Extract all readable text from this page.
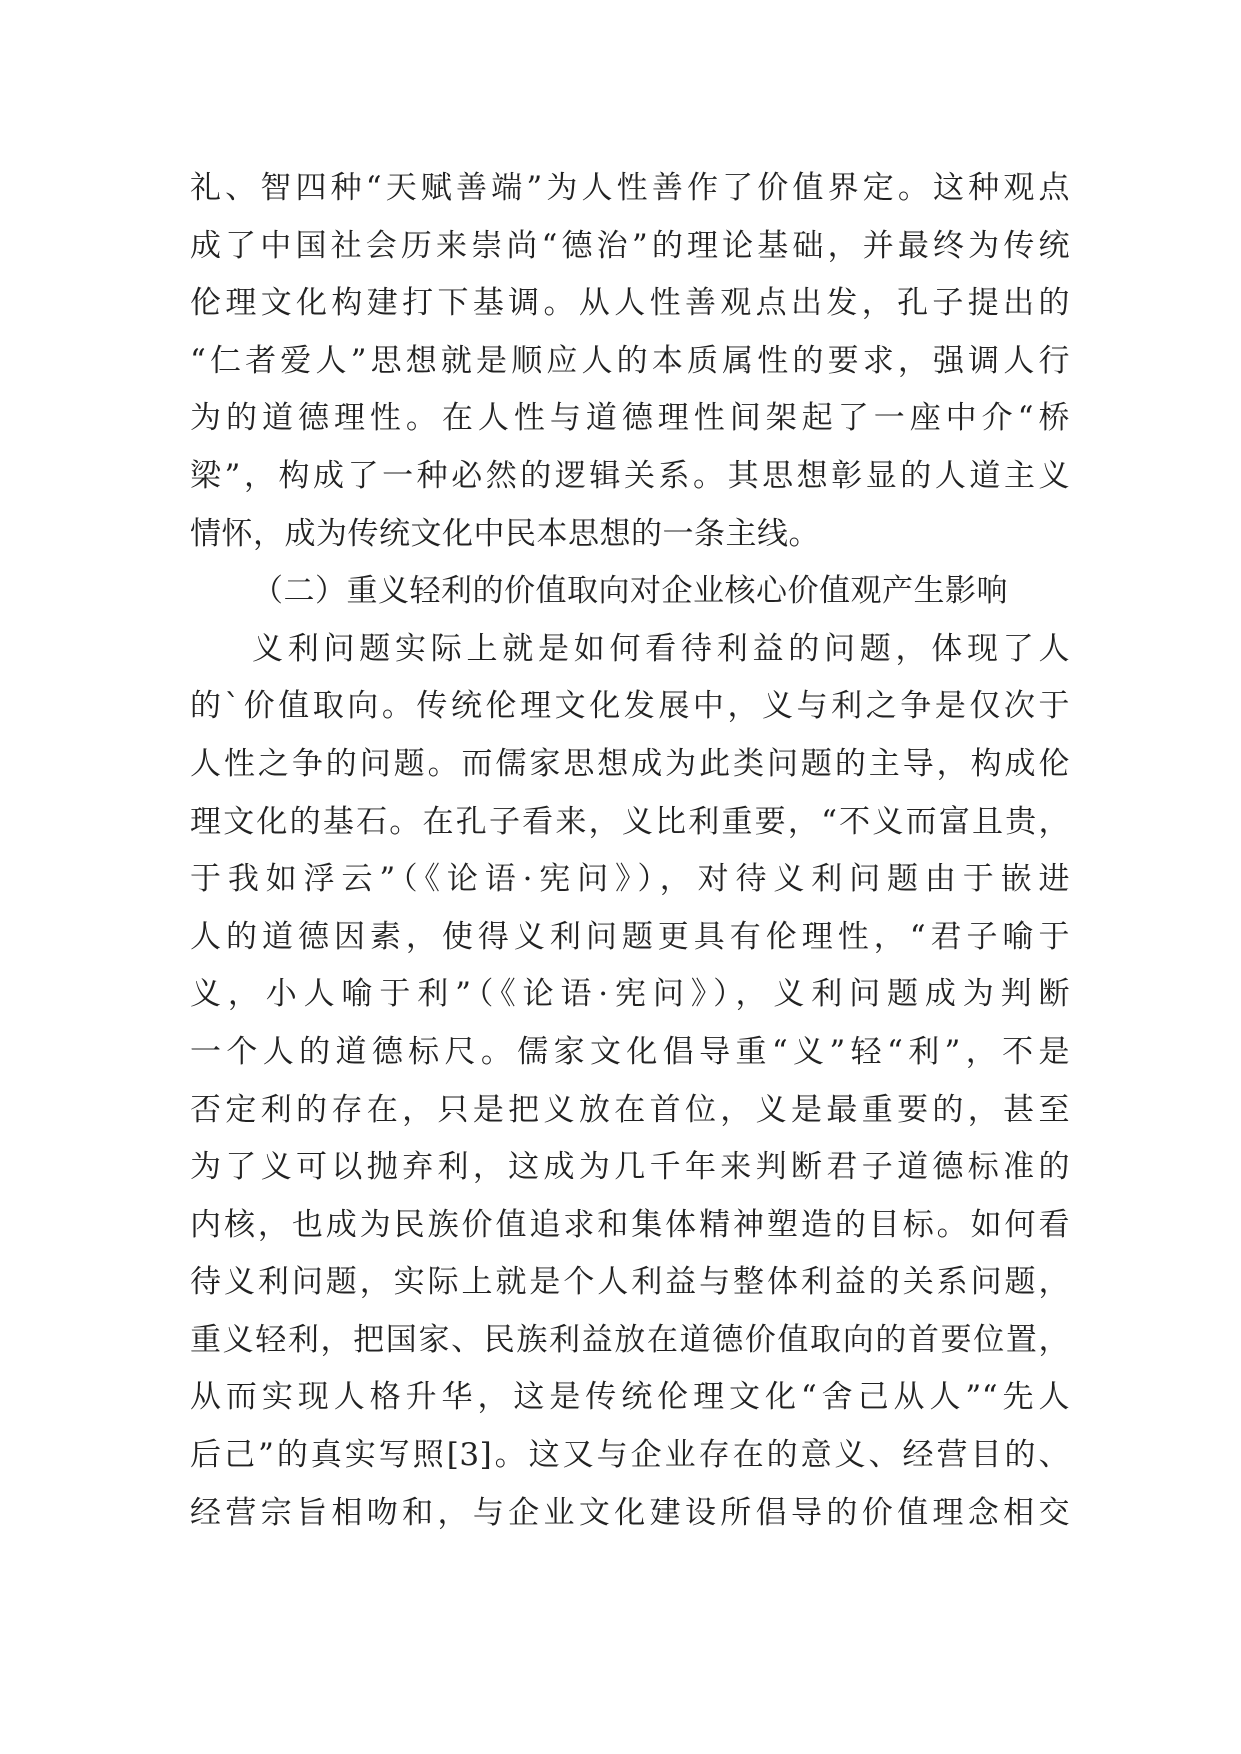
礼、智四种“天赋善端”为人性善作了价值界定。这种观点
成了中国社会历来崇尚“德治”的理论基础，并最终为传统
伦理文化构建打下基调。从人性善观点出发，孔子提出的
“仁者爱人”思想就是顺应人的本质属性的要求，强调人行
为的道德理性。在人性与道德理性间架起了一座中介“桥
梁”，构成了一种必然的逻辑关系。其思想彰显的人道主义
情怀，成为传统文化中民本思想的一条主线。
（二）重义轻利的价值取向对企业核心价值观产生影响
义利问题实际上就是如何看待利益的问题，体现了人
的`价值取向。传统伦理文化发展中，义与利之争是仅次于
人性之争的问题。而儒家思想成为此类问题的主导，构成伦
理文化的基石。在孔子看来，义比利重要，“不义而富且贵，
于我如浮云”（《论语·宪问》），对待义利问题由于嵌进
人的道德因素，使得义利问题更具有伦理性，“君子喻于
义，小人喻于利”（《论语·宪问》），义利问题成为判断
一个人的道德标尺。儒家文化倡导重“义”轻“利”，不是
否定利的存在，只是把义放在首位，义是最重要的，甚至
为了义可以抛弃利，这成为几千年来判断君子道德标准的
内核，也成为民族价值追求和集体精神塑造的目标。如何看
待义利问题，实际上就是个人利益与整体利益的关系问题，
重义轻利，把国家、民族利益放在道德价值取向的首要位置，
从而实现人格升华，这是传统伦理文化“舍己从人”“先人
后己”的真实写照[3]。这又与企业存在的意义、经营目的、
经营宗旨相吻和，与企业文化建设所倡导的价值理念相交
